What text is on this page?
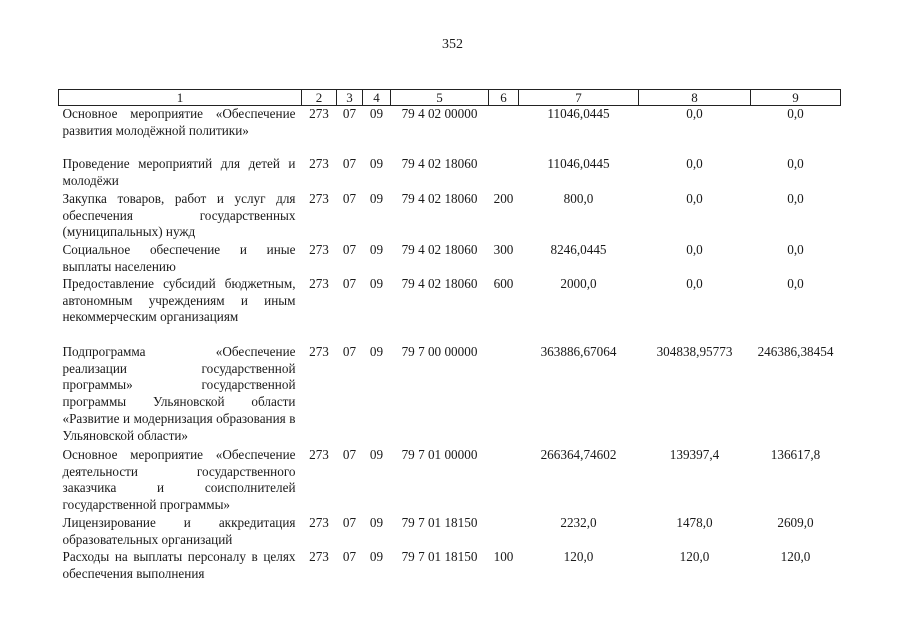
352
1	2	3	4	5	6	7	8	9
Основное мероприятие «Обеспечение развития молодёжной политики»	273	07	09	79 4 02 00000		11046,0445	0,0	0,0
Проведение мероприятий для детей и молодёжи	273	07	09	79 4 02 18060		11046,0445	0,0	0,0
Закупка товаров, работ и услуг для обеспечения государственных (муниципальных) нужд	273	07	09	79 4 02 18060	200	800,0	0,0	0,0
Социальное обеспечение и иные выплаты населению	273	07	09	79 4 02 18060	300	8246,0445	0,0	0,0
Предоставление субсидий бюджетным, автономным учреждениям и иным некоммерческим организациям	273	07	09	79 4 02 18060	600	2000,0	0,0	0,0
Подпрограмма «Обеспечение реализации государственной программы» государственной программы Ульяновской области «Развитие и модернизация образования в Ульяновской области»	273	07	09	79 7 00 00000		363886,67064	304838,95773	246386,38454
Основное мероприятие «Обеспечение деятельности государственного заказчика и соисполнителей государственной программы»	273	07	09	79 7 01 00000		266364,74602	139397,4	136617,8
Лицензирование и аккредитация образовательных организаций	273	07	09	79 7 01 18150		2232,0	1478,0	2609,0
Расходы на выплаты персоналу в целях обеспечения выполнения	273	07	09	79 7 01 18150	100	120,0	120,0	120,0
